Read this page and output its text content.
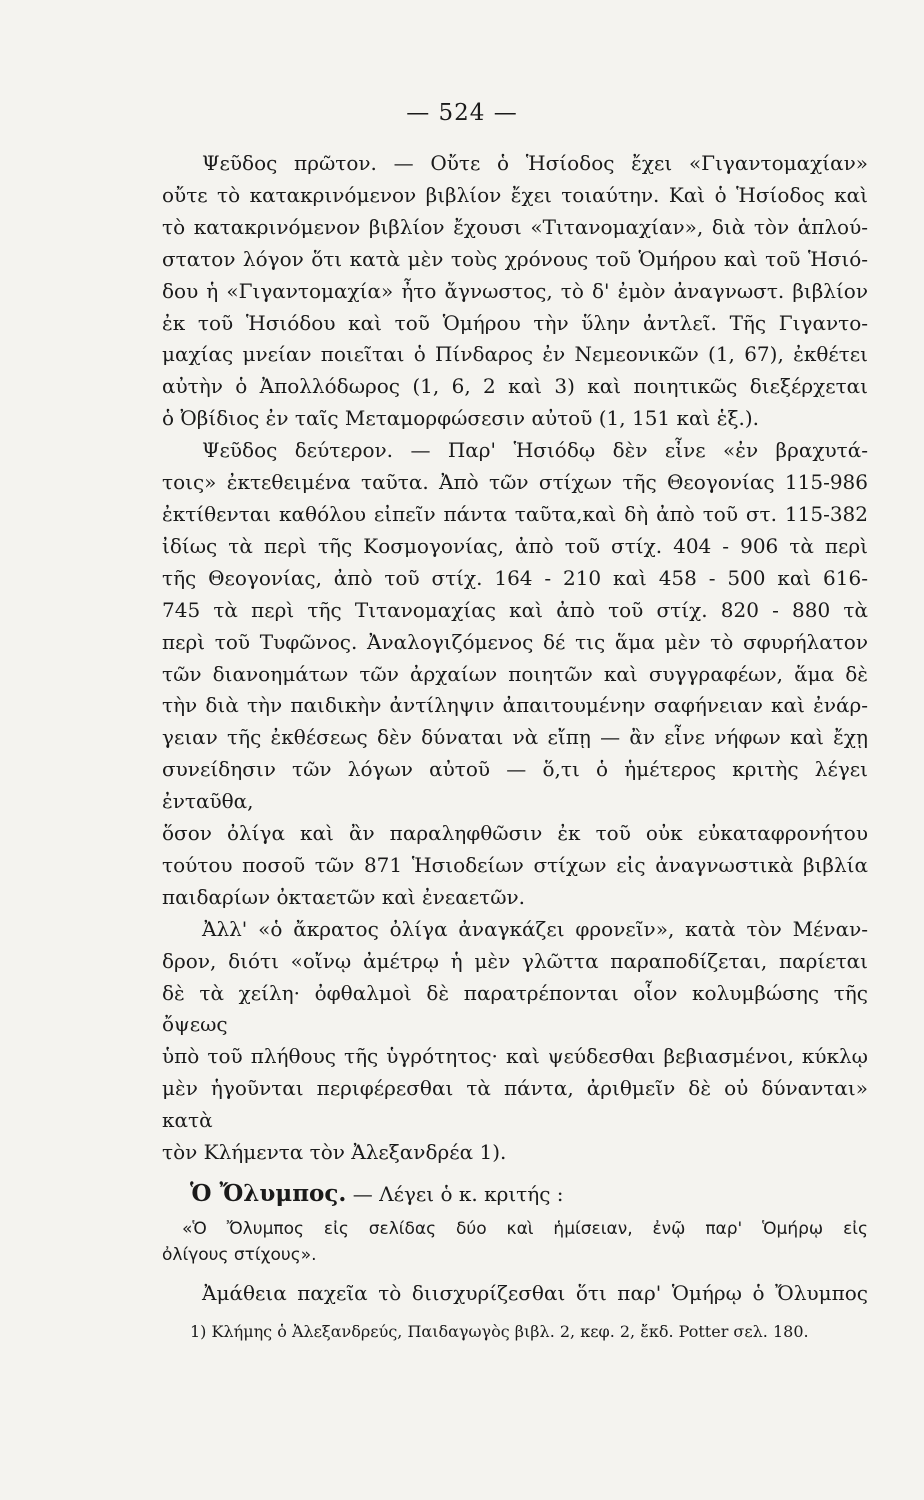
— 524 —

Ψεῦδος πρῶτον. — Οὔτε ὁ Ἡσίοδος ἔχει «Γιγαντομαχίαν»

οὔτε τὸ κατακρινόμενον βιβλίον ἔχει τοιαύτην. Καὶ ὁ Ἡσίοδος καὶ

τὸ κατακρινόμενον βιβλίον ἔχουσι «Τιτανομαχίαν», διὰ τὸν ἁπλού-

στατον λόγον ὅτι κατὰ μὲν τοὺς χρόνους τοῦ Ὁμήρου καὶ τοῦ Ἡσιό-

δου ἡ «Γιγαντομαχία» ἦτο ἄγνωστος, τὸ δ' ἐμὸν ἀναγνωστ. βιβλίον

ἐκ τοῦ Ἡσιόδου καὶ τοῦ Ὁμήρου τὴν ὕλην ἀντλεῖ. Τῆς Γιγαντο-

μαχίας μνείαν ποιεῖται ὁ Πίνδαρος ἐν Νεμεονικῶν (1, 67), ἐκθέτει

αὐτὴν ὁ Ἀπολλόδωρος (1, 6, 2 καὶ 3) καὶ ποιητικῶς διεξέρχεται

ὁ Ὀβίδιος ἐν ταῖς Μεταμορφώσεσιν αὐτοῦ (1, 151 καὶ ἑξ.).

Ψεῦδος δεύτερον. — Παρ' Ἡσιόδῳ δὲν εἶνε «ἐν βραχυτά-

τοις» ἐκτεθειμένα ταῦτα. Ἀπὸ τῶν στίχων τῆς Θεογονίας 115-986

ἐκτίθενται καθόλου εἰπεῖν πάντα ταῦτα,καὶ δὴ ἀπὸ τοῦ στ. 115-382

ἰδίως τὰ περὶ τῆς Κοσμογονίας, ἀπὸ τοῦ στίχ. 404 - 906 τὰ περὶ

τῆς Θεογονίας, ἀπὸ τοῦ στίχ. 164 - 210 καὶ 458 - 500 καὶ 616-

745 τὰ περὶ τῆς Τιτανομαχίας καὶ ἀπὸ τοῦ στίχ. 820 - 880 τὰ

περὶ τοῦ Τυφῶνος. Ἀναλογιζόμενος δέ τις ἅμα μὲν τὸ σφυρήλατον

τῶν διανοημάτων τῶν ἀρχαίων ποιητῶν καὶ συγγραφέων, ἅμα δὲ

τὴν διὰ τὴν παιδικὴν ἀντίληψιν ἀπαιτουμένην σαφήνειαν καὶ ἐνάρ-

γειαν τῆς ἐκθέσεως δὲν δύναται νὰ εἴπῃ — ἂν εἶνε νήφων καὶ ἔχῃ

συνείδησιν τῶν λόγων αὐτοῦ — ὅ,τι ὁ ἡμέτερος κριτὴς λέγει ἐνταῦθα,

ὅσον ὀλίγα καὶ ἂν παραληφθῶσιν ἐκ τοῦ οὐκ εὐκαταφρονήτου

τούτου ποσοῦ τῶν 871 Ἡσιοδείων στίχων εἰς ἀναγνωστικὰ βιβλία

παιδαρίων ὀκταετῶν καὶ ἐνεαετῶν.

Ἀλλ' «ὁ ἄκρατος ὀλίγα ἀναγκάζει φρονεῖν», κατὰ τὸν Μέναν-

δρον, διότι «οἴνῳ ἀμέτρῳ ἡ μὲν γλῶττα παραποδίζεται, παρίεται

δὲ τὰ χείλη· ὀφθαλμοὶ δὲ παρατρέπονται οἷον κολυμβώσης τῆς ὄψεως

ὑπὸ τοῦ πλήθους τῆς ὑγρότητος· καὶ ψεύδεσθαι βεβιασμένοι, κύκλῳ

μὲν ἡγοῦνται περιφέρεσθαι τὰ πάντα, ἀριθμεῖν δὲ οὐ δύνανται» κατὰ

τὸν Κλήμεντα τὸν Ἀλεξανδρέα 1).

Ὁ Ὄλυμπος. — Λέγει ὁ κ. κριτής :
«Ὁ Ὄλυμπος εἰς σελίδας δύο καὶ ἡμίσειαν, ἐνῷ παρ' Ὁμήρῳ εἰς
ὀλίγους στίχους».

Ἀμάθεια παχεῖα τὸ διισχυρίζεσθαι ὅτι παρ' Ὁμήρῳ ὁ Ὄλυμπος

1) Κλήμης ὁ Ἀλεξανδρεύς, Παιδαγωγὸς βιβλ. 2, κεφ. 2, ἔκδ. Potter σελ. 180.
